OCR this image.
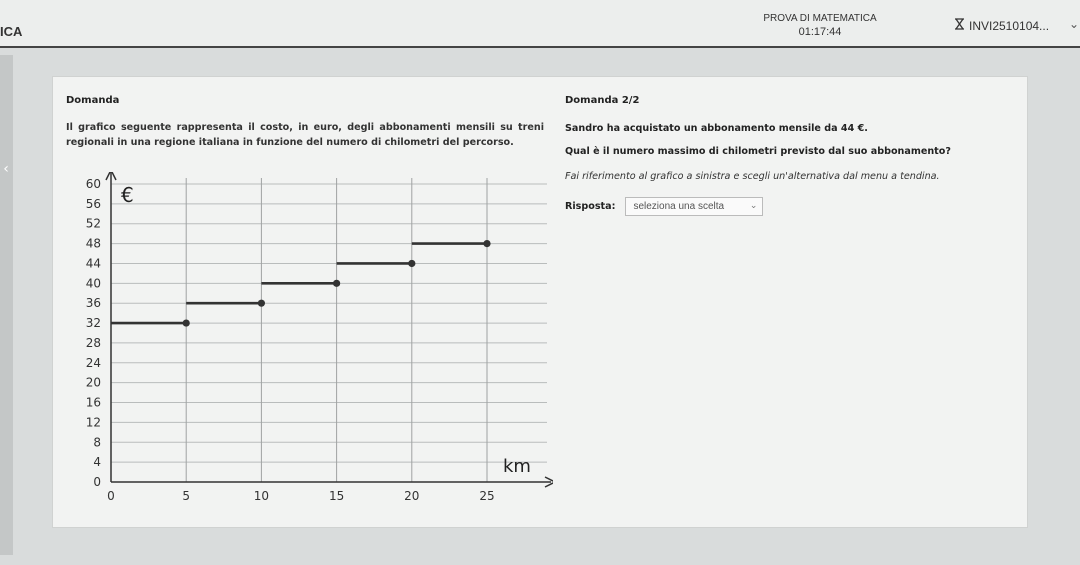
ICA
PROVA DI MATEMATICA
01:17:44	INVI2510104... ⌄
‹
Domanda
Il grafico seguente rappresenta il costo, in euro, degli abbonamenti mensili su treni regionali in una regione italiana in funzione del numero di chilometri del percorso.
0
4
8
12
16
20
24
28
32
36
40
44
48
52
56
60
0	5	10	15	20	25
€
km
Domanda 2/2
Sandro ha acquistato un abbonamento mensile da 44 €.
Qual è il numero massimo di chilometri previsto dal suo abbonamento?
Fai riferimento al grafico a sinistra e scegli un'alternativa dal menu a tendina.
Risposta: seleziona una scelta	⌄
